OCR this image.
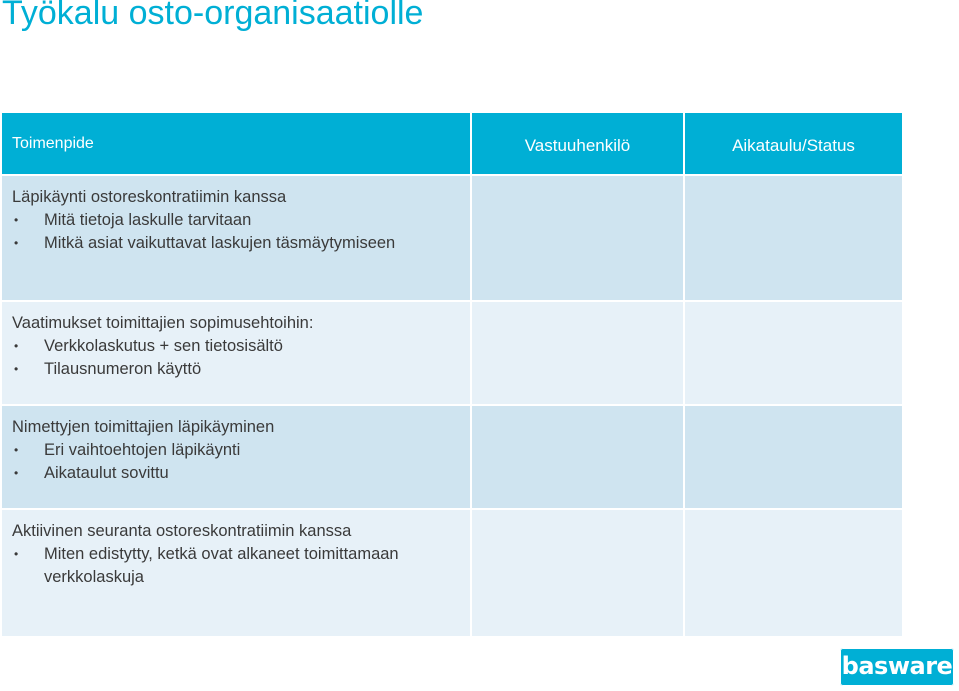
Työkalu osto-organisaatiolle
Toimenpide	Vastuuhenkilö	Aikataulu/Status
Läpikäynti ostoreskontratiimin kanssa
• Mitä tietoja laskulle tarvitaan
• Mitkä asiat vaikuttavat laskujen täsmäytymiseen
Vaatimukset toimittajien sopimusehtoihin:
• Verkkolaskutus + sen tietosisältö
• Tilausnumeron käyttö
Nimettyjen toimittajien läpikäyminen
• Eri vaihtoehtojen läpikäynti
• Aikataulut sovittu
Aktiivinen seuranta ostoreskontratiimin kanssa
• Miten edistytty, ketkä ovat alkaneet toimittamaan verkkolaskuja
basware
